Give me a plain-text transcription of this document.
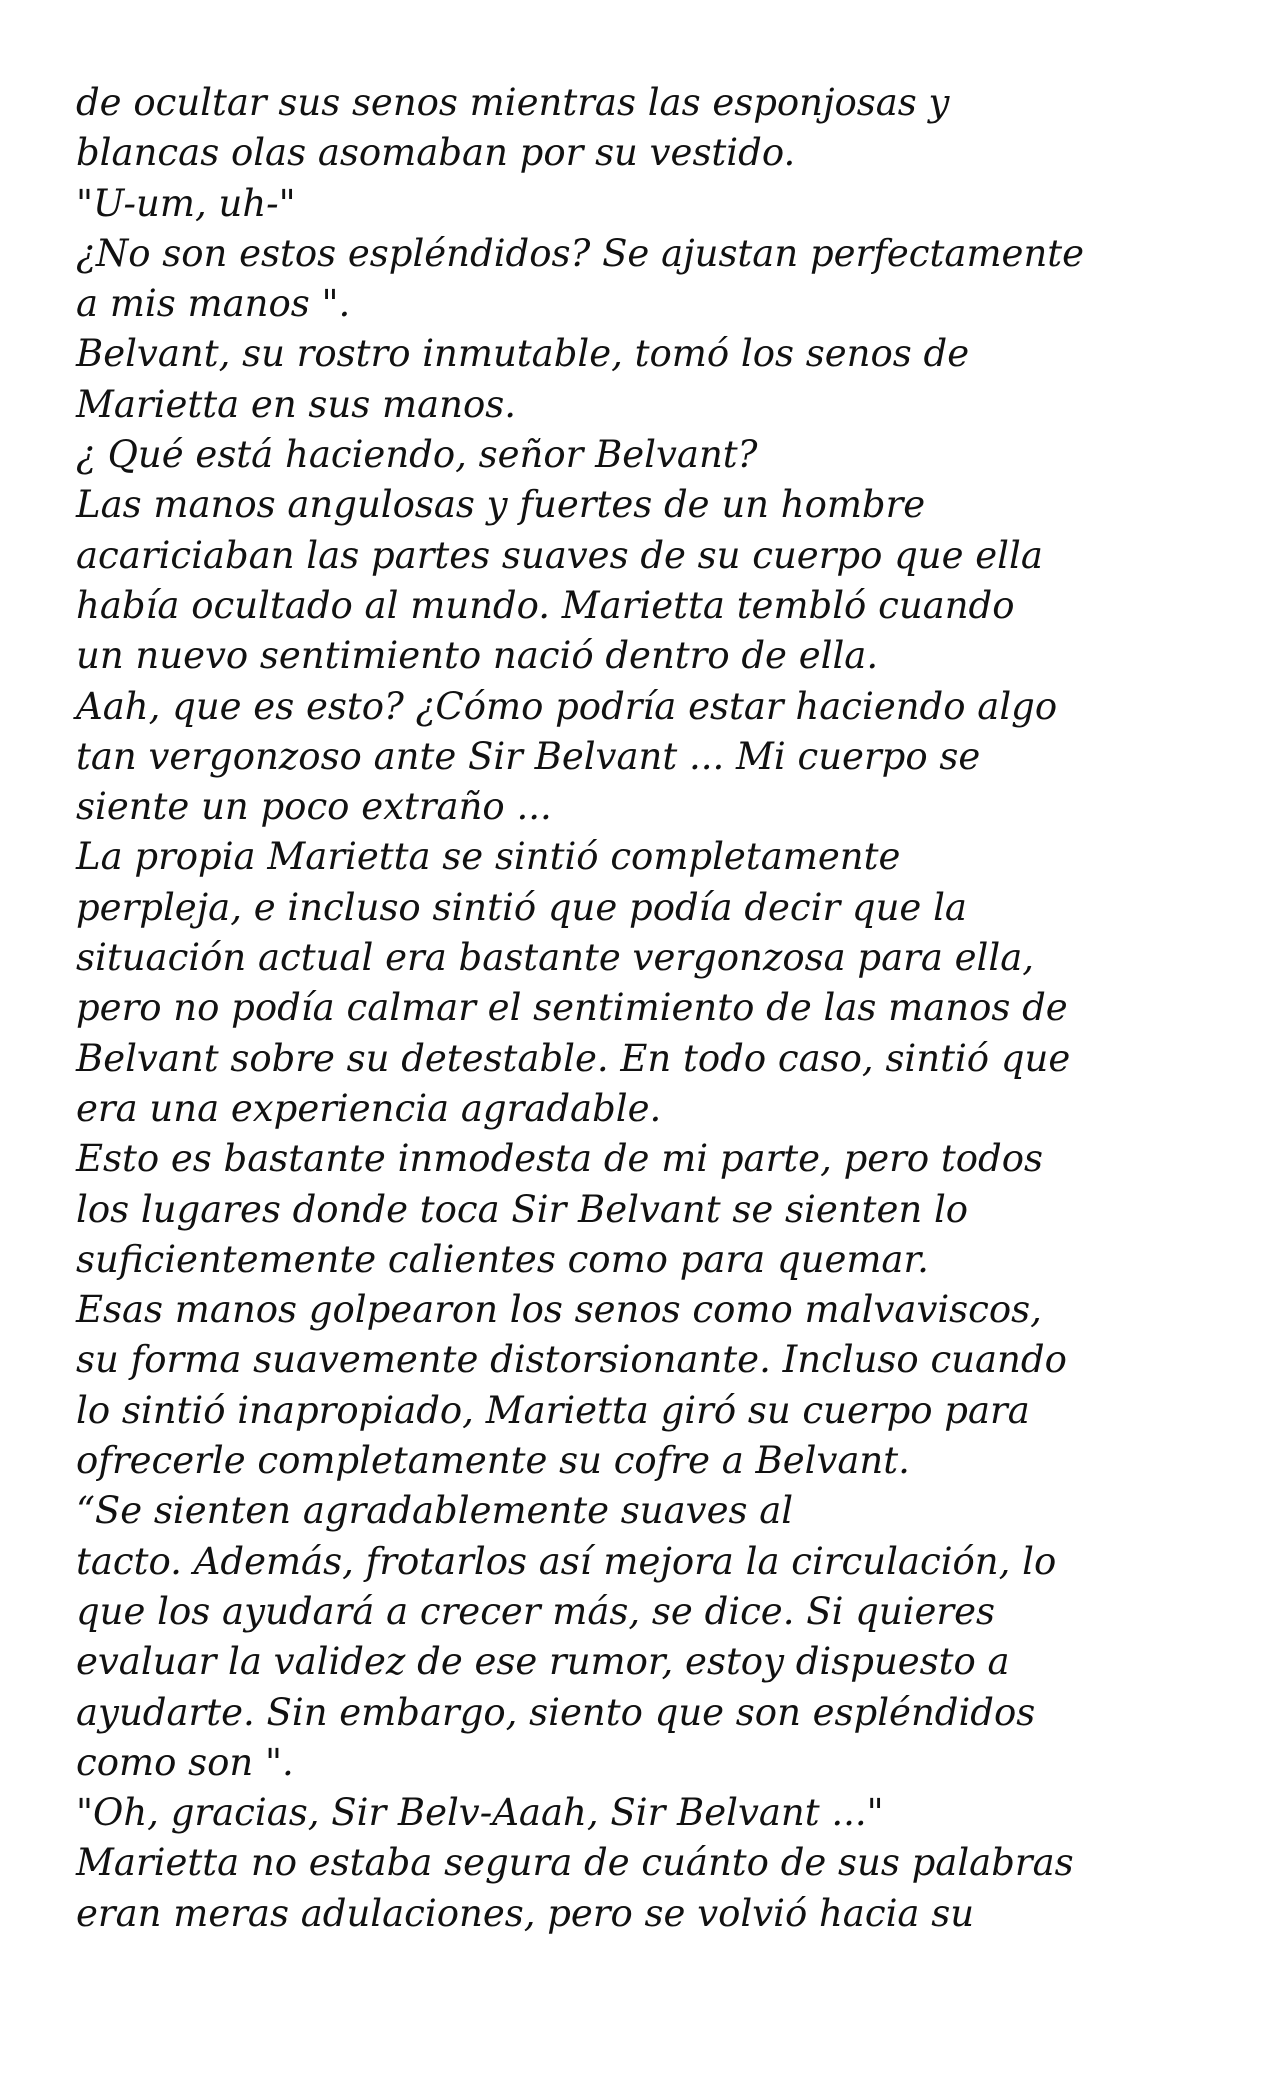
de ocultar sus senos mientras las esponjosas y
blancas olas asomaban por su vestido.
"U-um, uh-"
¿No son estos espléndidos? Se ajustan perfectamente
a mis manos ".
Belvant, su rostro inmutable, tomó los senos de
Marietta en sus manos.
¿ Qué está haciendo, señor Belvant?
Las manos angulosas y fuertes de un hombre
acariciaban las partes suaves de su cuerpo que ella
había ocultado al mundo. Marietta tembló cuando
un nuevo sentimiento nació dentro de ella.
Aah, que es esto? ¿Cómo podría estar haciendo algo
tan vergonzoso ante Sir Belvant ... Mi cuerpo se
siente un poco extraño ...
La propia Marietta se sintió completamente
perpleja, e incluso sintió que podía decir que la
situación actual era bastante vergonzosa para ella,
pero no podía calmar el sentimiento de las manos de
Belvant sobre su detestable. En todo caso, sintió que
era una experiencia agradable.
Esto es bastante inmodesta de mi parte, pero todos
los lugares donde toca Sir Belvant se sienten lo
suficientemente calientes como para quemar.
Esas manos golpearon los senos como malvaviscos,
su forma suavemente distorsionante. Incluso cuando
lo sintió inapropiado, Marietta giró su cuerpo para
ofrecerle completamente su cofre a Belvant.
“Se sienten agradablemente suaves al
tacto. Además, frotarlos así mejora la circulación, lo
que los ayudará a crecer más, se dice. Si quieres
evaluar la validez de ese rumor, estoy dispuesto a
ayudarte. Sin embargo, siento que son espléndidos
como son ".
"Oh, gracias, Sir Belv-Aaah, Sir Belvant ..."
Marietta no estaba segura de cuánto de sus palabras
eran meras adulaciones, pero se volvió hacia su
